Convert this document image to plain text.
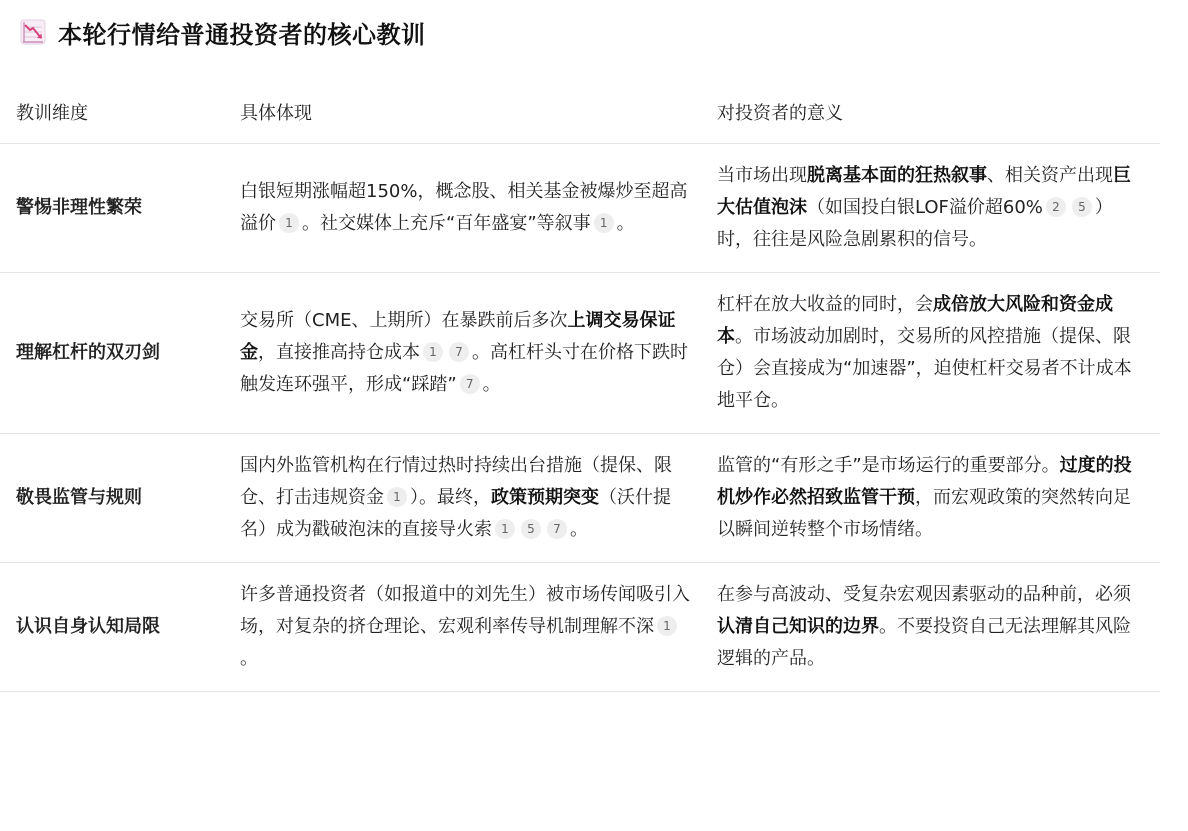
本轮行情给普通投资者的核心教训
教训维度	具体体现	对投资者的意义
警惕非理性繁荣	白银短期涨幅超150%，概念股、相关基金被爆炒至超高溢价 1 。社交媒体上充斥“百年盛宴”等叙事 1 。	当市场出现脱离基本面的狂热叙事、相关资产出现巨大估值泡沫（如国投白银LOF溢价超60% 2 5 ）时，往往是风险急剧累积的信号。
理解杠杆的双刃剑	交易所（CME、上期所）在暴跌前后多次上调交易保证金，直接推高持仓成本 1 7 。高杠杆头寸在价格下跌时触发连环强平，形成“踩踏” 7 。	杠杆在放大收益的同时，会成倍放大风险和资金成本。市场波动加剧时，交易所的风控措施（提保、限仓）会直接成为“加速器”，迫使杠杆交易者不计成本地平仓。
敬畏监管与规则	国内外监管机构在行情过热时持续出台措施（提保、限仓、打击违规资金 1 ）。最终，政策预期突变（沃什提名）成为戳破泡沫的直接导火索 1 5 7 。	监管的“有形之手”是市场运行的重要部分。过度的投机炒作必然招致监管干预，而宏观政策的突然转向足以瞬间逆转整个市场情绪。
认识自身认知局限	许多普通投资者（如报道中的刘先生）被市场传闻吸引入场，对复杂的挤仓理论、宏观利率传导机制理解不深 1。	在参与高波动、受复杂宏观因素驱动的品种前，必须认清自己知识的边界。不要投资自己无法理解其风险逻辑的产品。
